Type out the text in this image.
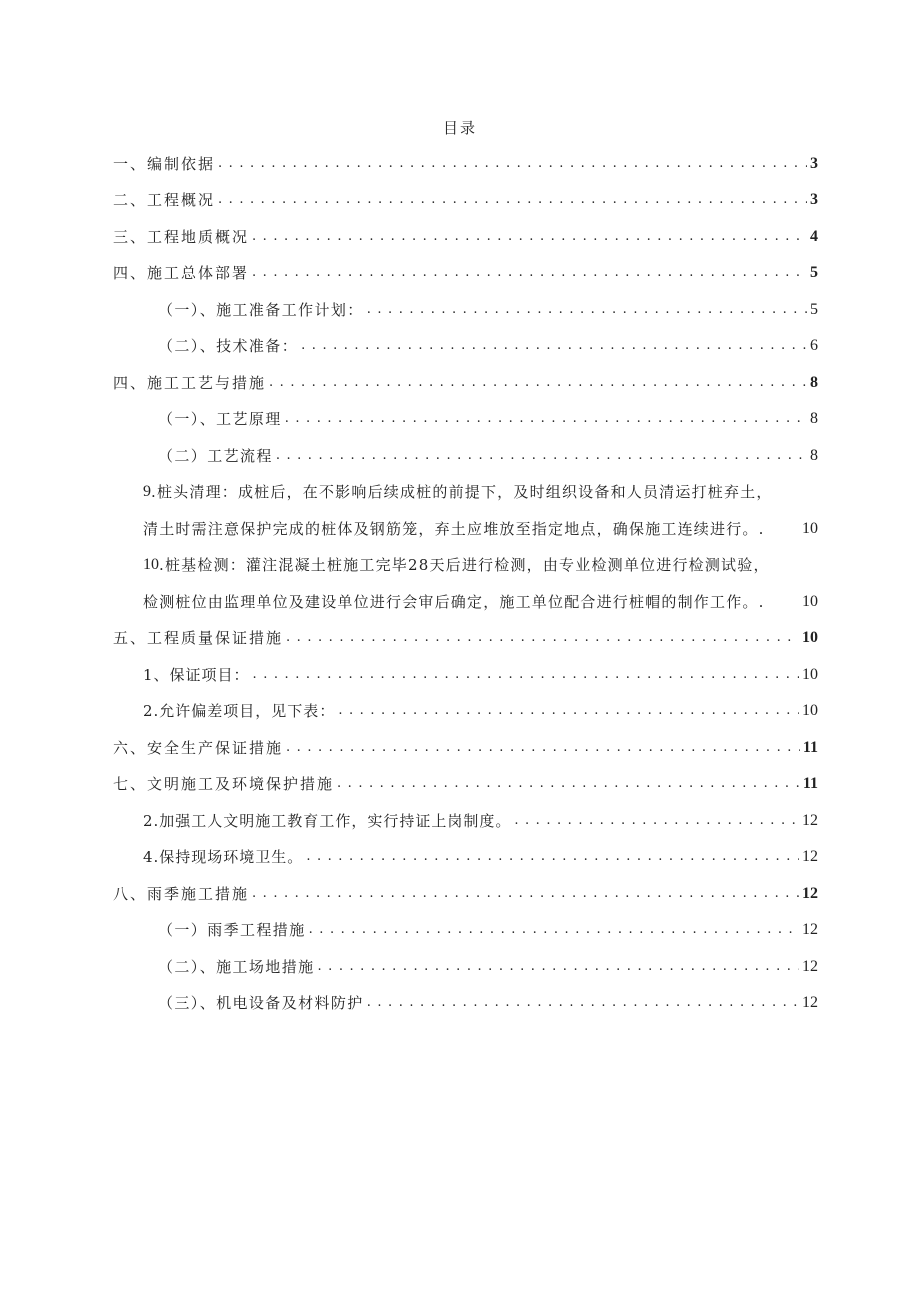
目录
一、编制依据 . . .	3
二、工程概况 . . .	3
三、工程地质概况 . . .	4
四、施工总体部署 . . .	5
（一）、施工准备工作计划： . . .	5
（二）、技术准备： . . .	6
四、施工工艺与措施 . . .	8
（一）、工艺原理 . . .	8
（二）工艺流程 . . .	8
9 .桩头清理：成桩后，在不影响后续成桩的前提下，及时组织设备和人员清运打桩弃土，
清土时需注意保护完成的桩体及钢筋笼，弃土应堆放至指定地点，确保施工连续进行。. 10
10 .桩基检测：灌注混凝土桩施工完毕28天后进行检测，由专业检测单位进行检测试验，
检测桩位由监理单位及建设单位进行会审后确定，施工单位配合进行桩帽的制作工作。. 10
五、工程质量保证措施 . . .	10
1、保证项目： . . .	10
2.允许偏差项目，见下表： . . .	10
六、安全生产保证措施 . . .	11
七、文明施工及环境保护措施 . . .	11
2.加强工人文明施工教育工作，实行持证上岗制度。 . . .	12
4.保持现场环境卫生。 . . .	12
八、雨季施工措施 . . .	12
（一）雨季工程措施 . . .	12
（二）、施工场地措施 . . .	12
（三）、机电设备及材料防护 . . .	12
